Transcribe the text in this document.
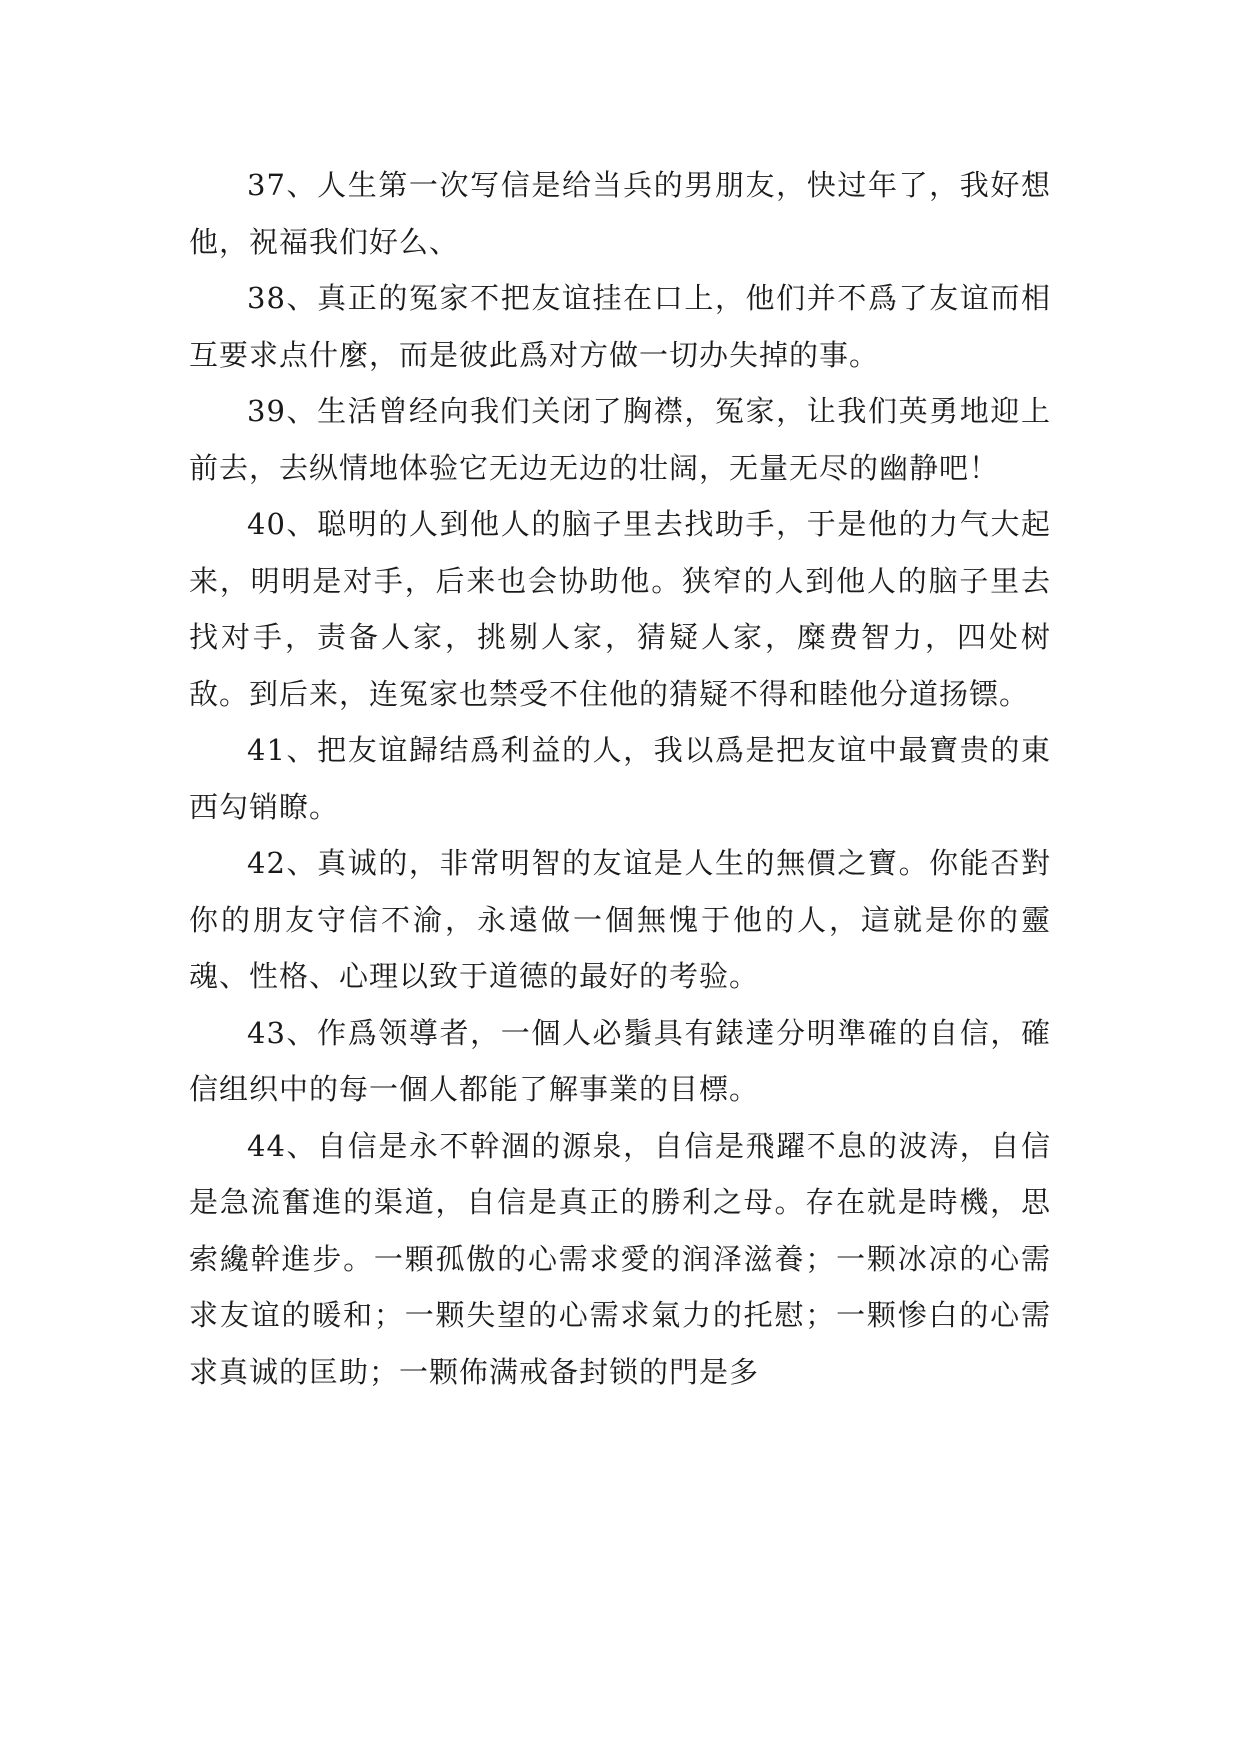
37、人生第一次写信是给当兵的男朋友，快过年了，我好想他，祝福我们好么、

38、真正的冤家不把友谊挂在口上，他们并不爲了友谊而相互要求点什麼，而是彼此爲对方做一切办失掉的事。

39、生活曾经向我们关闭了胸襟，冤家，让我们英勇地迎上前去，去纵情地体验它无边无边的壮阔，无量无尽的幽静吧！

40、聪明的人到他人的脑子里去找助手，于是他的力气大起来，明明是对手，后来也会协助他。狭窄的人到他人的脑子里去找对手，责备人家，挑剔人家，猜疑人家，糜费智力，四处树敌。到后来，连冤家也禁受不住他的猜疑不得和睦他分道扬镖。

41、把友谊歸结爲利益的人，我以爲是把友谊中最寶贵的東西勾销瞭。

42、真诚的，非常明智的友谊是人生的無價之寶。你能否對你的朋友守信不渝，永遠做一個無愧于他的人，這就是你的靈魂、性格、心理以致于道德的最好的考验。

43、作爲领導者，一個人必鬚具有錶達分明準確的自信，確信组织中的每一個人都能了解事業的目標。

44、自信是永不幹涸的源泉，自信是飛躍不息的波涛，自信是急流奮進的渠道，自信是真正的勝利之母。存在就是時機，思索纔幹進步。一顆孤傲的心需求愛的润泽滋養；一颗冰凉的心需求友谊的暖和；一颗失望的心需求氣力的托慰；一颗惨白的心需求真诚的匡助；一颗佈满戒备封锁的門是多
